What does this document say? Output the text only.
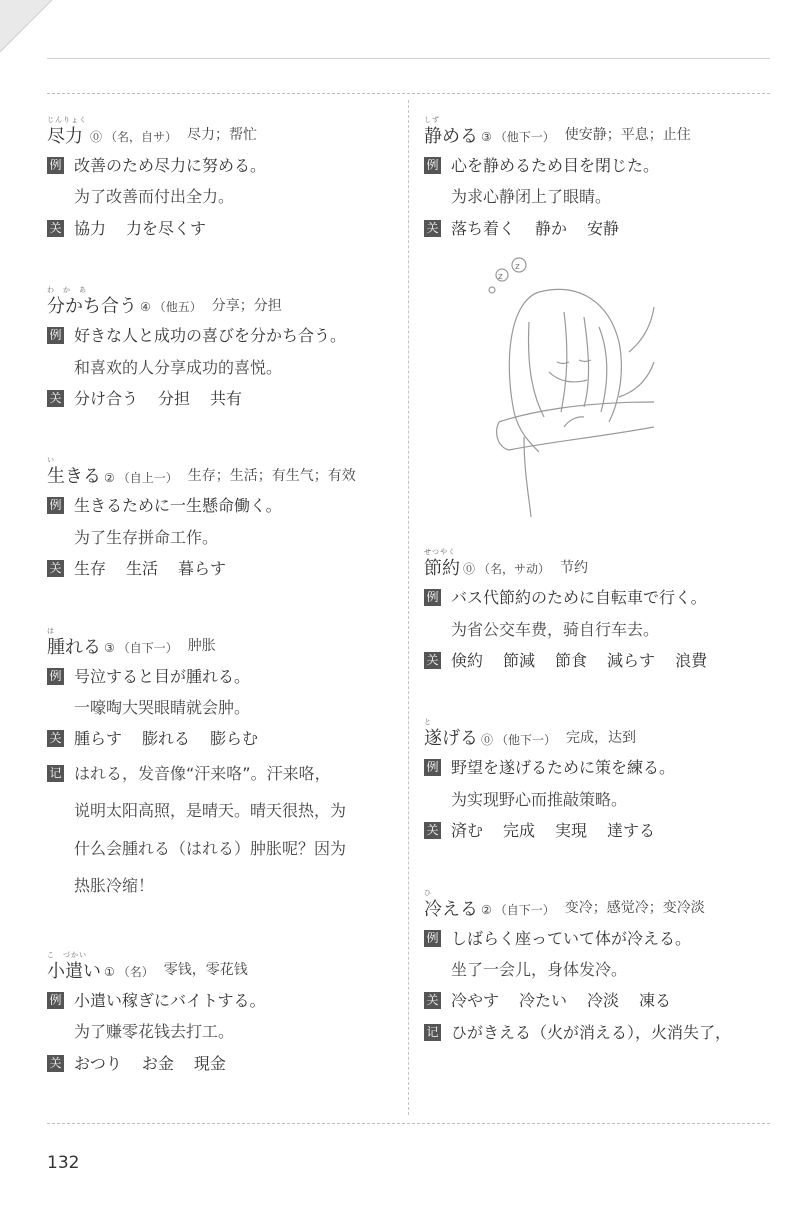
じんりょく
尽力 ⓪ （名，自サ） 尽力；帮忙
例 改善のため尽力に努める。
为了改善而付出全力。
关 協力 力を尽くす
わ　か　あ
分かち合う ④ （他五） 分享；分担
例 好きな人と成功の喜びを分かち合う。
和喜欢的人分享成功的喜悦。
关 分け合う 分担 共有
い
生きる ② （自上一） 生存；生活；有生气；有效
例 生きるために一生懸命働く。
为了生存拼命工作。
关 生存 生活 暮らす
は
腫れる ③ （自下一） 肿胀
例 号泣すると目が腫れる。
一嚎啕大哭眼睛就会肿。
关 腫らす 膨れる 膨らむ
记 はれる，发音像“汗来咯”。汗来咯，
说明太阳高照，是晴天。晴天很热，为
什么会腫れる（はれる）肿胀呢？因为
热胀冷缩！
こ　づかい
小遣い ① （名） 零钱，零花钱
例 小遣い稼ぎにバイトする。
为了赚零花钱去打工。
关 おつり お金 現金
しず
静める ③ （他下一） 使安静；平息；止住
例 心を静めるため目を閉じた。
为求心静闭上了眼睛。
关 落ち着く 静か 安静
z
z
せつやく
節約 ⓪ （名，サ动） 节约
例 バス代節約のために自転車で行く。
为省公交车费，骑自行车去。
关 倹約 節減 節食 減らす 浪費
と
遂げる ⓪ （他下一） 完成，达到
例 野望を遂げるために策を練る。
为实现野心而推敲策略。
关 済む 完成 実現 達する
ひ
冷える ② （自下一） 变冷；感觉冷；变冷淡
例 しばらく座っていて体が冷える。
坐了一会儿，身体发冷。
关 冷やす 冷たい 冷淡 凍る
记 ひがきえる（火が消える），火消失了，
132
